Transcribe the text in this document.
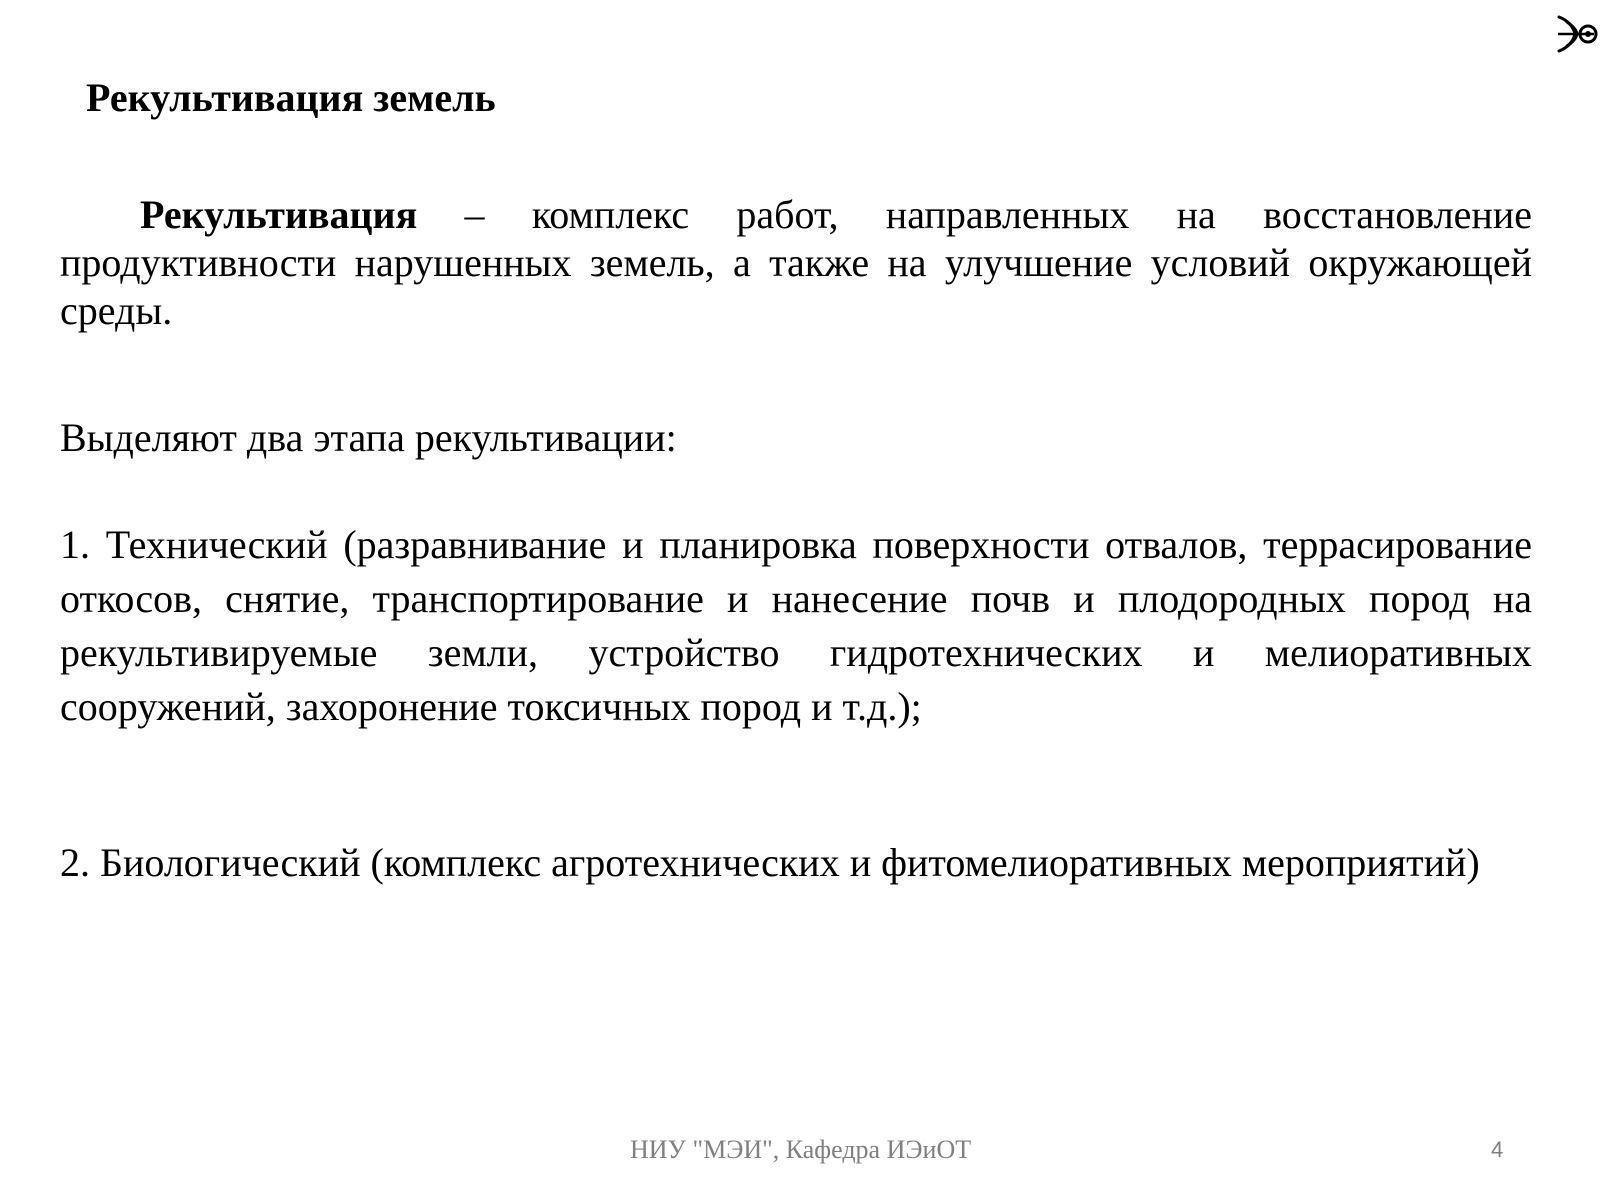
Рекультивация земель
Рекультивация – комплекс работ, направленных на восстановление продуктивности нарушенных земель, а также на улучшение условий окружающей среды.
Выделяют два этапа рекультивации:
1. Технический (разравнивание и планировка поверхности отвалов, террасирование откосов, снятие, транспортирование и нанесение почв и плодородных пород на рекультивируемые земли, устройство гидротехнических и мелиоративных сооружений, захоронение токсичных пород и т.д.);
2. Биологический (комплекс агротехнических и фитомелиоративных мероприятий)
НИУ "МЭИ", Кафедра ИЭиОТ	4
